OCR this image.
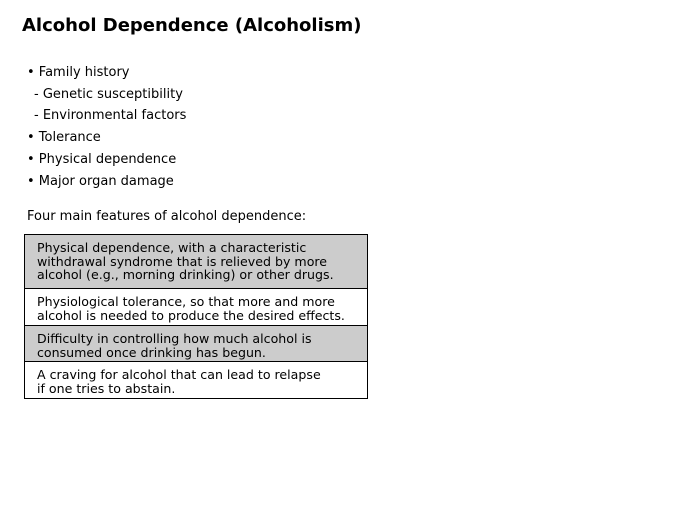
Alcohol Dependence (Alcoholism)
• Family history
- Genetic susceptibility
- Environmental factors
• Tolerance
• Physical dependence
• Major organ damage
Four main features of alcohol dependence:
Physical dependence, with a characteristic
withdrawal syndrome that is relieved by more
alcohol (e.g., morning drinking) or other drugs.
Physiological tolerance, so that more and more
alcohol is needed to produce the desired effects.
Difficulty in controlling how much alcohol is
consumed once drinking has begun.
A craving for alcohol that can lead to relapse
if one tries to abstain.
